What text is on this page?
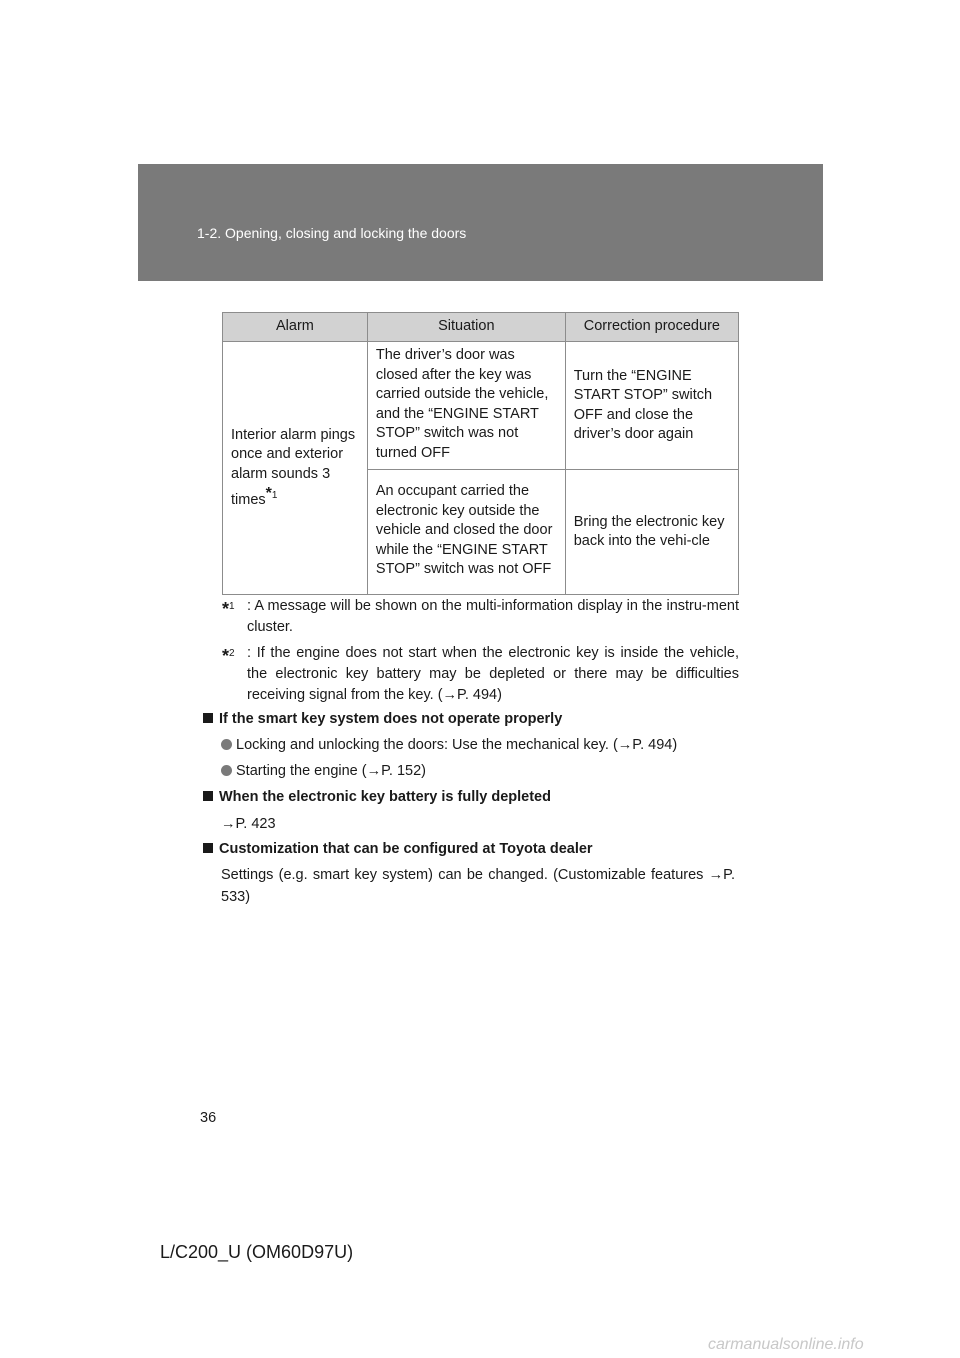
1-2. Opening, closing and locking the doors
Alarm	Situation	Correction procedure
Interior alarm pings once and exterior alarm sounds 3 times$^{*1}$	The driver’s door was closed after the key was carried outside the vehicle, and the “ENGINE START STOP” switch was not turned OFF	Turn the “ENGINE START STOP” switch OFF and close the driver’s door again
	An occupant carried the electronic key outside the vehicle and closed the door while the “ENGINE START STOP” switch was not OFF	Bring the electronic key back into the vehi-cle
*$^1$ : A message will be shown on the multi-information display in the instru-ment cluster.
*$^2$ : If the engine does not start when the electronic key is inside the vehicle, the electronic key battery may be depleted or there may be difficulties receiving signal from the key. (→P. 494)
If the smart key system does not operate properly
Locking and unlocking the doors: Use the mechanical key. (→P. 494)
Starting the engine (→P. 152)
When the electronic key battery is fully depleted
→P. 423
Customization that can be configured at Toyota dealer
Settings (e.g. smart key system) can be changed. (Customizable features →P. 533)
36
L/C200_U (OM60D97U)
carmanualsonline.info
